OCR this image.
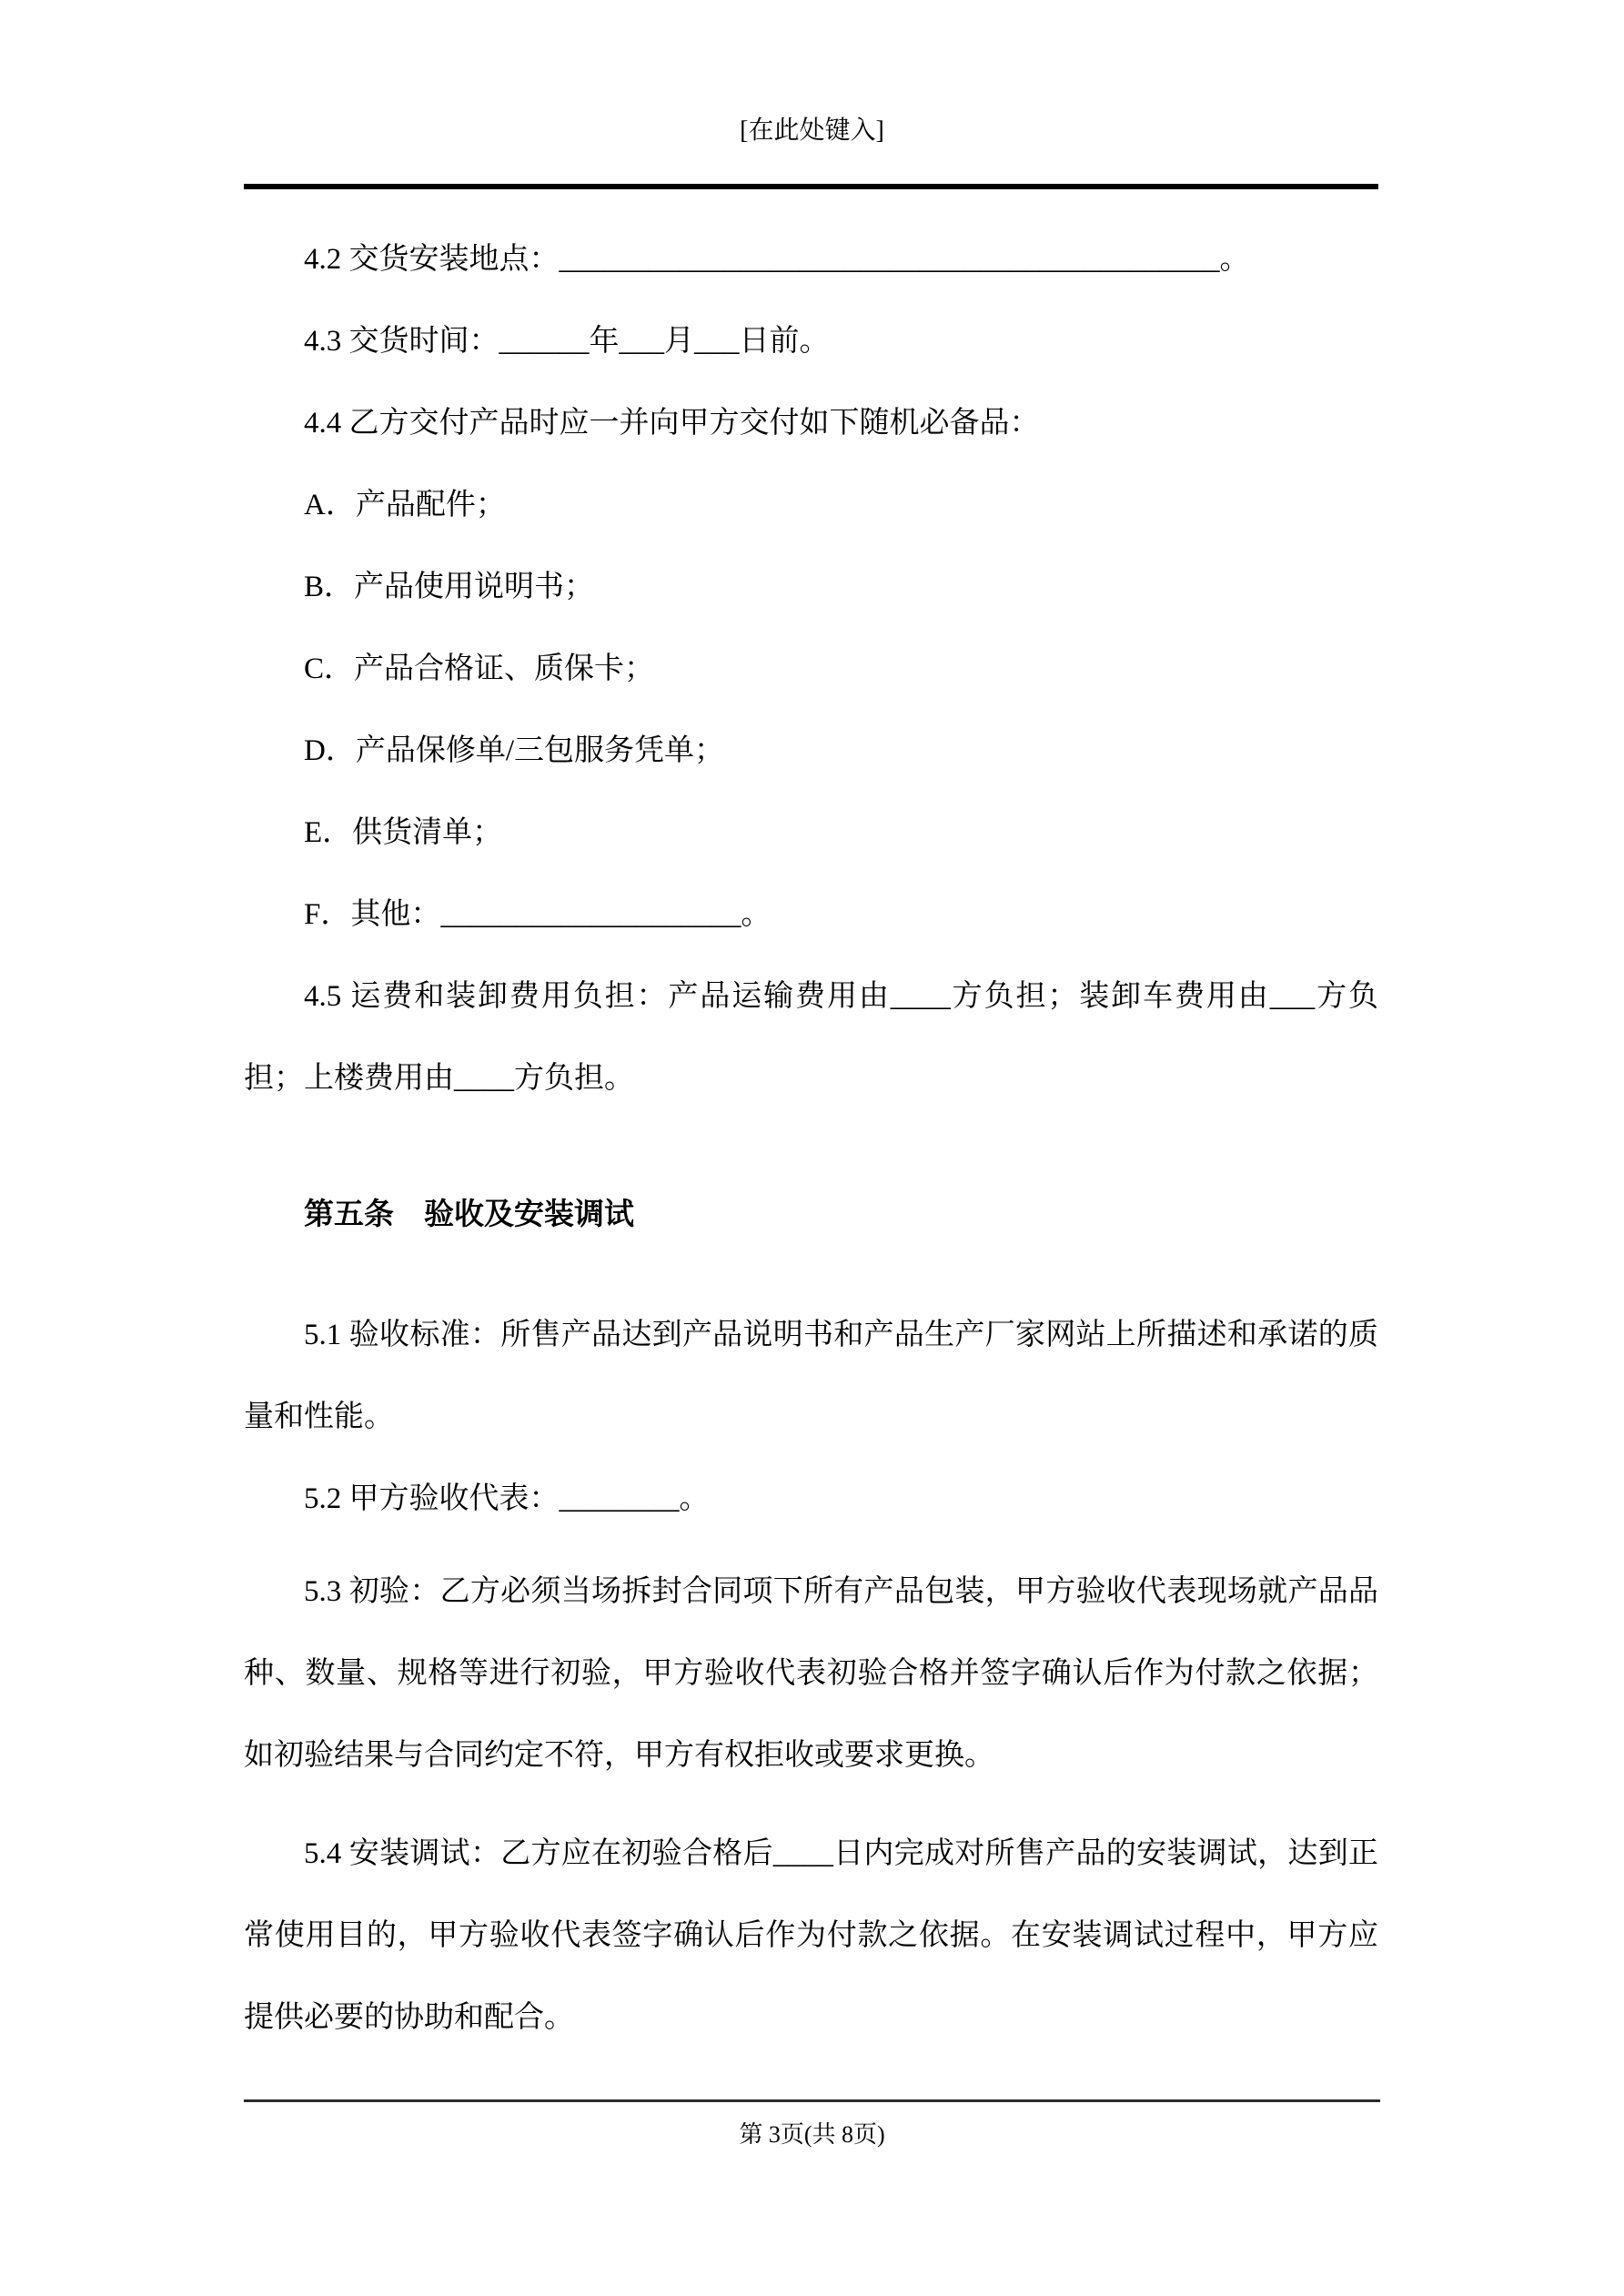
[在此处键入]

4.2 交货安装地点：____________________________________________。

4.3 交货时间：______年___月___日前。

4.4 乙方交付产品时应一并向甲方交付如下随机必备品：

A．产品配件；

B．产品使用说明书；

C．产品合格证、质保卡；

D．产品保修单/三包服务凭单；

E．供货清单；

F．其他：____________________。

4.5 运费和装卸费用负担：产品运输费用由____方负担；装卸车费用由___方负担；上楼费用由____方负担。

第五条　验收及安装调试

5.1 验收标准：所售产品达到产品说明书和产品生产厂家网站上所描述和承诺的质量和性能。

5.2 甲方验收代表：________。

5.3 初验：乙方必须当场拆封合同项下所有产品包装，甲方验收代表现场就产品品种、数量、规格等进行初验，甲方验收代表初验合格并签字确认后作为付款之依据；如初验结果与合同约定不符，甲方有权拒收或要求更换。

5.4 安装调试：乙方应在初验合格后____日内完成对所售产品的安装调试，达到正常使用目的，甲方验收代表签字确认后作为付款之依据。在安装调试过程中，甲方应提供必要的协助和配合。

第 3页(共 8页)
